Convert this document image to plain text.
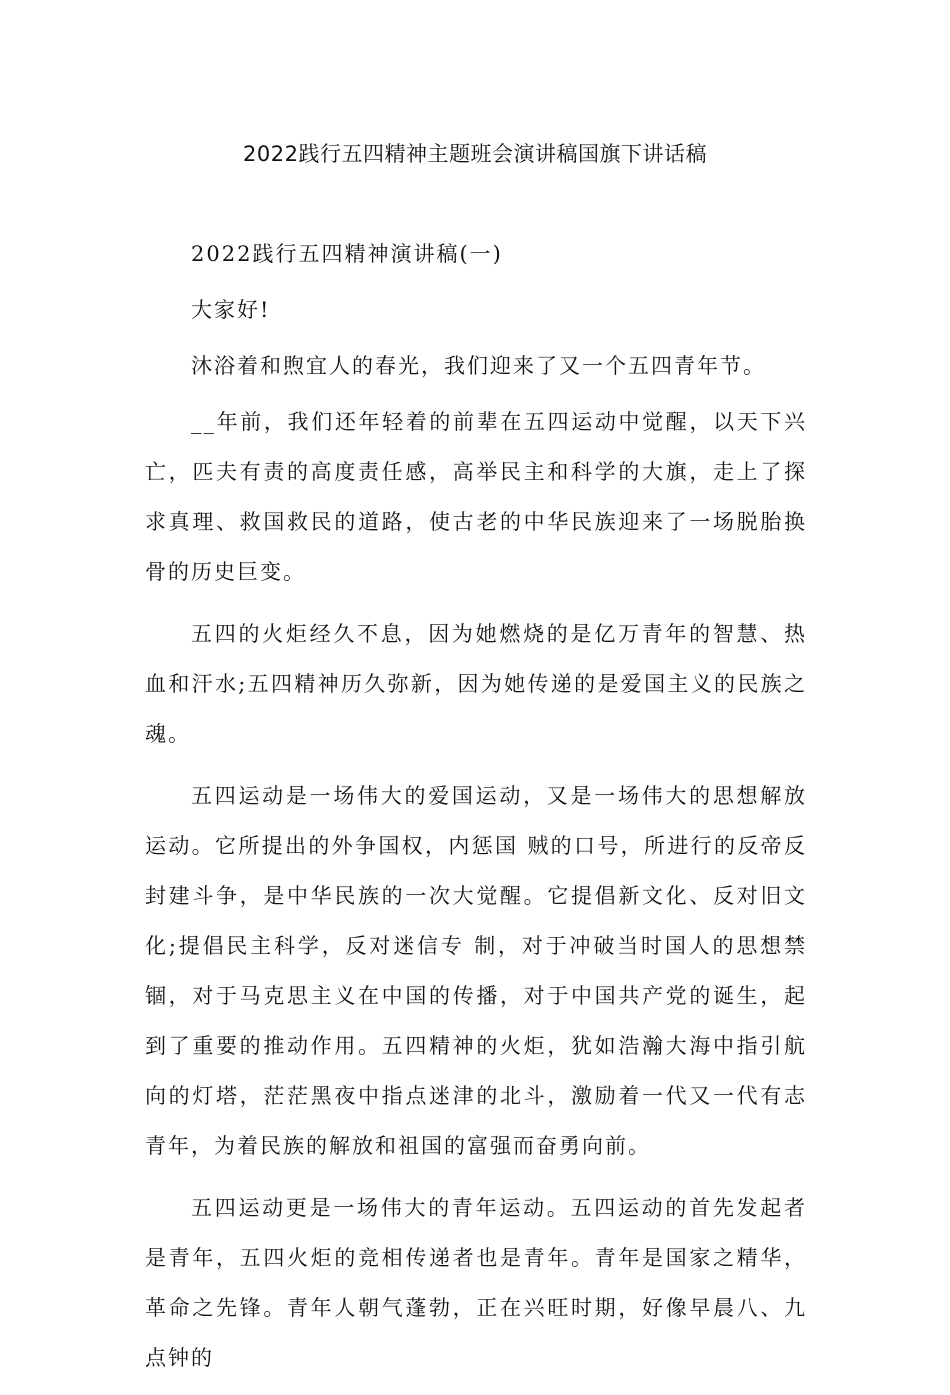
2022践行五四精神主题班会演讲稿国旗下讲话稿

2022践行五四精神演讲稿(一)

大家好!

沐浴着和煦宜人的春光，我们迎来了又一个五四青年节。

__年前，我们还年轻着的前辈在五四运动中觉醒，以天下兴亡，匹夫有责的高度责任感，高举民主和科学的大旗，走上了探求真理、救国救民的道路，使古老的中华民族迎来了一场脱胎换骨的历史巨变。

五四的火炬经久不息，因为她燃烧的是亿万青年的智慧、热血和汗水;五四精神历久弥新，因为她传递的是爱国主义的民族之魂。

五四运动是一场伟大的爱国运动，又是一场伟大的思想解放运动。它所提出的外争国权，内惩国 贼的口号，所进行的反帝反封建斗争，是中华民族的一次大觉醒。它提倡新文化、反对旧文化;提倡民主科学，反对迷信专 制，对于冲破当时国人的思想禁锢，对于马克思主义在中国的传播，对于中国共产党的诞生，起到了重要的推动作用。五四精神的火炬，犹如浩瀚大海中指引航向的灯塔，茫茫黑夜中指点迷津的北斗，激励着一代又一代有志青年，为着民族的解放和祖国的富强而奋勇向前。

五四运动更是一场伟大的青年运动。五四运动的首先发起者是青年，五四火炬的竞相传递者也是青年。青年是国家之精华，革命之先锋。青年人朝气蓬勃，正在兴旺时期，好像早晨八、九点钟的
